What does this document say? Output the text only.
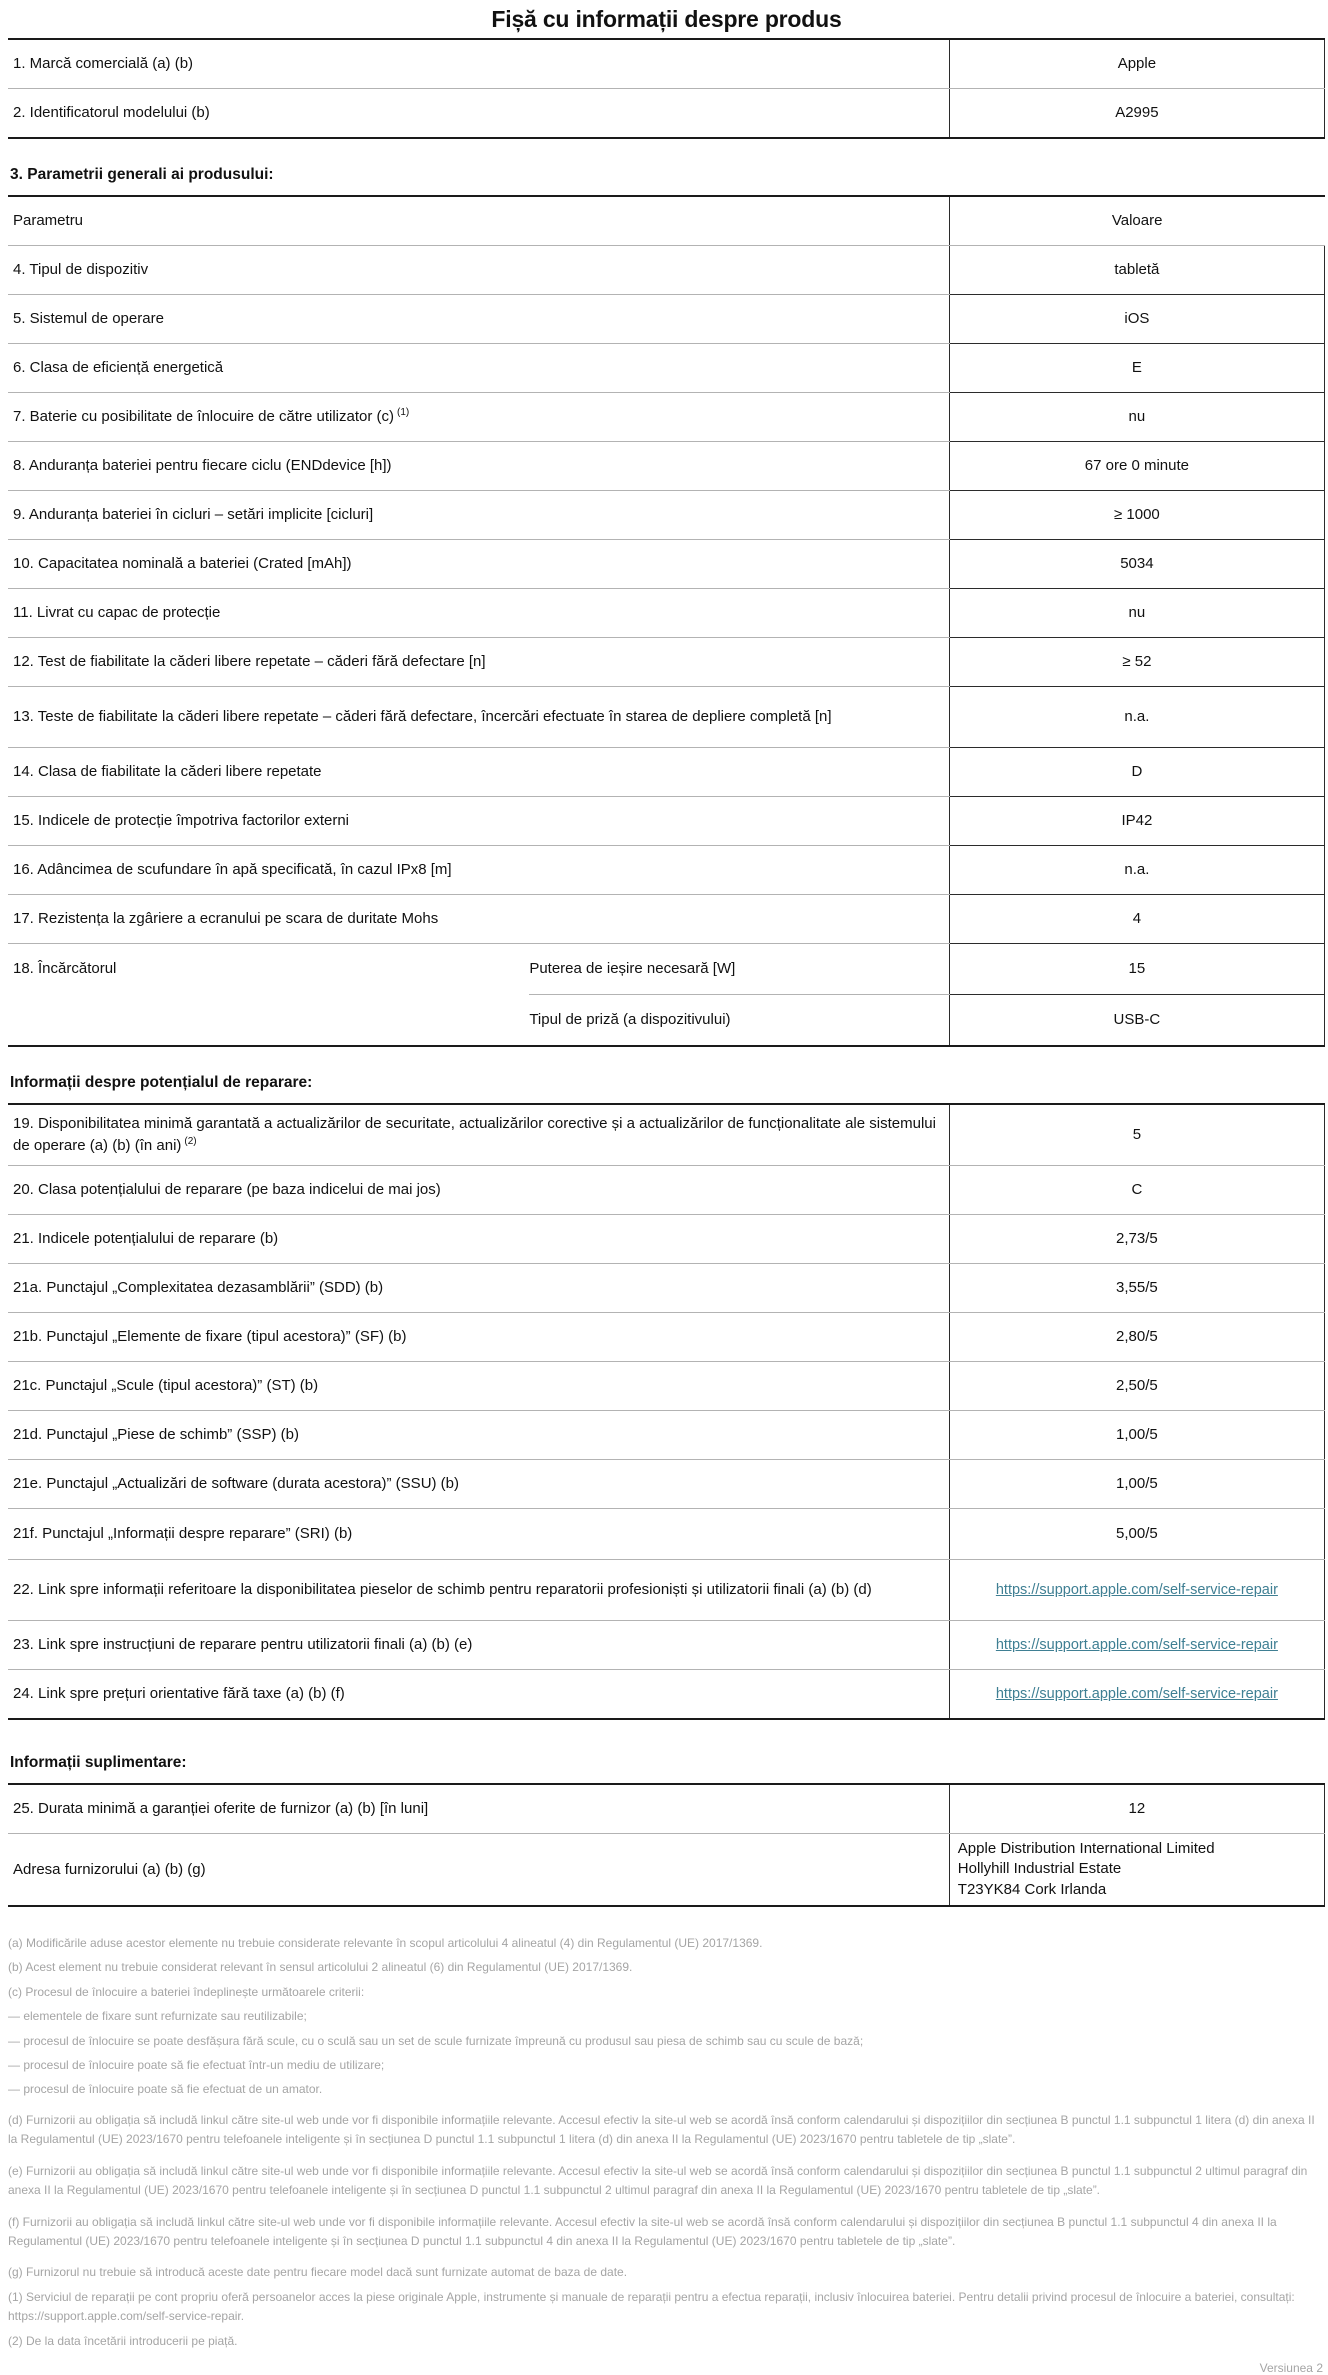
Fișă cu informații despre produs
1. Marcă comercială (a) (b)	Apple
2. Identificatorul modelului (b)	A2995
3. Parametrii generali ai produsului:
Parametru		Valoare
4. Tipul de dispozitiv		tabletă
5. Sistemul de operare		iOS
6. Clasa de eficiență energetică		E
7. Baterie cu posibilitate de înlocuire de către utilizator (c) $^{(1)}$		nu
8. Anduranța bateriei pentru fiecare ciclu (ENDdevice [h])		67 ore 0 minute
9. Anduranța bateriei în cicluri – setări implicite [cicluri]		≥ 1000
10. Capacitatea nominală a bateriei (Crated [mAh])		5034
11. Livrat cu capac de protecție		nu
12. Test de fiabilitate la căderi libere repetate – căderi fără defectare [n]		≥ 52
13. Teste de fiabilitate la căderi libere repetate – căderi fără defectare, încercări efectuate în starea de depliere completă [n]		n.a.
14. Clasa de fiabilitate la căderi libere repetate		D
15. Indicele de protecție împotriva factorilor externi		IP42
16. Adâncimea de scufundare în apă specificată, în cazul IPx8 [m]		n.a.
17. Rezistența la zgâriere a ecranului pe scara de duritate Mohs		4
18. Încărcătorul	Puterea de ieșire necesară [W]	15
	Tipul de priză (a dispozitivului)	USB-C
Informații despre potențialul de reparare:
19. Disponibilitatea minimă garantată a actualizărilor de securitate, actualizărilor corective și a actualizărilor de funcționalitate ale sistemului de operare (a) (b) (în ani) $^{(2)}$	5
20. Clasa potențialului de reparare (pe baza indicelui de mai jos)	C
21. Indicele potențialului de reparare (b)	2,73/5
21a. Punctajul „Complexitatea dezasamblării” (SDD) (b)	3,55/5
21b. Punctajul „Elemente de fixare (tipul acestora)” (SF) (b)	2,80/5
21c. Punctajul „Scule (tipul acestora)” (ST) (b)	2,50/5
21d. Punctajul „Piese de schimb” (SSP) (b)	1,00/5
21e. Punctajul „Actualizări de software (durata acestora)” (SSU) (b)	1,00/5
21f. Punctajul „Informații despre reparare” (SRI) (b)	5,00/5
22. Link spre informații referitoare la disponibilitatea pieselor de schimb pentru reparatorii profesioniști și utilizatorii finali (a) (b) (d)	https://support.apple.com/self-service-repair
23. Link spre instrucțiuni de reparare pentru utilizatorii finali (a) (b) (e)	https://support.apple.com/self-service-repair
24. Link spre prețuri orientative fără taxe (a) (b) (f)	https://support.apple.com/self-service-repair
Informații suplimentare:
25. Durata minimă a garanției oferite de furnizor (a) (b) [în luni]	12
Adresa furnizorului (a) (b) (g)	Apple Distribution International Limited
Hollyhill Industrial Estate
T23YK84 Cork Irlanda

(a) Modificările aduse acestor elemente nu trebuie considerate relevante în scopul articolului 4 alineatul (4) din Regulamentul (UE) 2017/1369.

(b) Acest element nu trebuie considerat relevant în sensul articolului 2 alineatul (6) din Regulamentul (UE) 2017/1369.

(c) Procesul de înlocuire a bateriei îndeplinește următoarele criterii:

— elementele de fixare sunt refurnizate sau reutilizabile;

— procesul de înlocuire se poate desfășura fără scule, cu o sculă sau un set de scule furnizate împreună cu produsul sau piesa de schimb sau cu scule de bază;

— procesul de înlocuire poate să fie efectuat într-un mediu de utilizare;

— procesul de înlocuire poate să fie efectuat de un amator.

(d) Furnizorii au obligația să includă linkul către site-ul web unde vor fi disponibile informațiile relevante. Accesul efectiv la site-ul web se acordă însă conform calendarului și dispozițiilor din secțiunea B punctul 1.1 subpunctul 1 litera (d) din anexa II la Regulamentul (UE) 2023/1670 pentru telefoanele inteligente și în secțiunea D punctul 1.1 subpunctul 1 litera (d) din anexa II la Regulamentul (UE) 2023/1670 pentru tabletele de tip „slate”.

(e) Furnizorii au obligația să includă linkul către site-ul web unde vor fi disponibile informațiile relevante. Accesul efectiv la site-ul web se acordă însă conform calendarului și dispozițiilor din secțiunea B punctul 1.1 subpunctul 2 ultimul paragraf din anexa II la Regulamentul (UE) 2023/1670 pentru telefoanele inteligente și în secțiunea D punctul 1.1 subpunctul 2 ultimul paragraf din anexa II la Regulamentul (UE) 2023/1670 pentru tabletele de tip „slate”.

(f) Furnizorii au obligația să includă linkul către site-ul web unde vor fi disponibile informațiile relevante. Accesul efectiv la site-ul web se acordă însă conform calendarului și dispozițiilor din secțiunea B punctul 1.1 subpunctul 4 din anexa II la Regulamentul (UE) 2023/1670 pentru telefoanele inteligente și în secțiunea D punctul 1.1 subpunctul 4 din anexa II la Regulamentul (UE) 2023/1670 pentru tabletele de tip „slate”.

(g) Furnizorul nu trebuie să introducă aceste date pentru fiecare model dacă sunt furnizate automat de baza de date.

(1) Serviciul de reparații pe cont propriu oferă persoanelor acces la piese originale Apple, instrumente și manuale de reparații pentru a efectua reparații, inclusiv înlocuirea bateriei. Pentru detalii privind procesul de înlocuire a bateriei, consultați: https://support.apple.com/self-service-repair.

(2) De la data încetării introducerii pe piață.

Versiunea 2
